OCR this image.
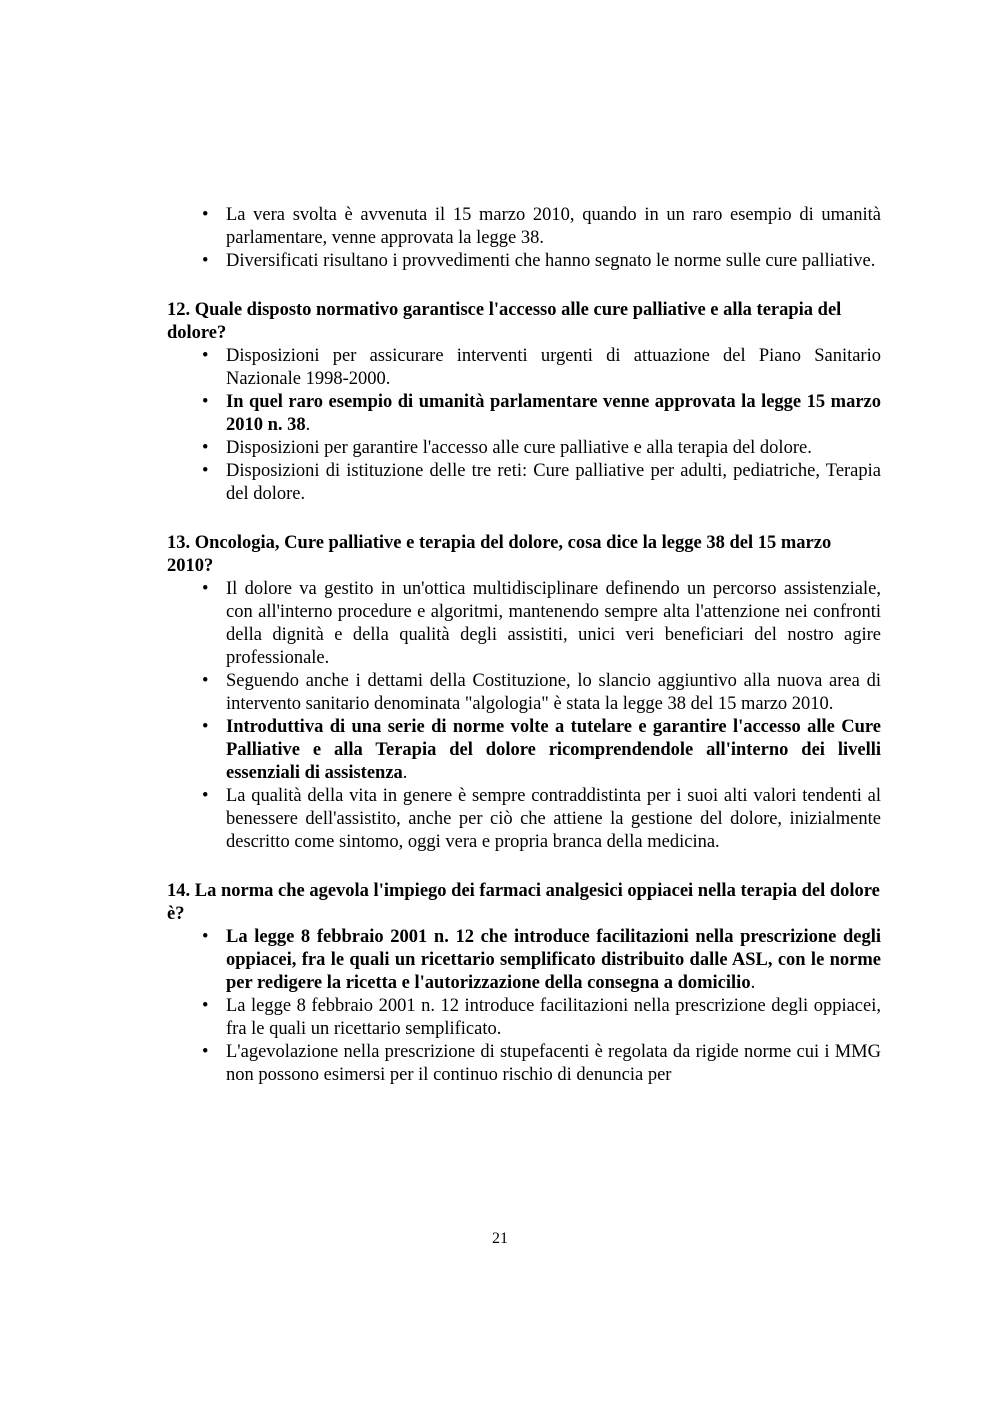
• La vera svolta è avvenuta il 15 marzo 2010, quando in un raro esempio di umanità parlamentare, venne approvata la legge 38.
• Diversificati risultano i provvedimenti che hanno segnato le norme sulle cure palliative.

12. Quale disposto normativo garantisce l'accesso alle cure palliative e alla terapia del dolore?

• Disposizioni per assicurare interventi urgenti di attuazione del Piano Sanitario Nazionale 1998-2000.
• In quel raro esempio di umanità parlamentare venne approvata la legge 15 marzo 2010 n. 38.
• Disposizioni per garantire l'accesso alle cure palliative e alla terapia del dolore.
• Disposizioni di istituzione delle tre reti: Cure palliative per adulti, pediatriche, Terapia del dolore.

13. Oncologia, Cure palliative e terapia del dolore, cosa dice la legge 38 del 15 marzo 2010?

• Il dolore va gestito in un'ottica multidisciplinare definendo un percorso assistenziale, con all'interno procedure e algoritmi, mantenendo sempre alta l'attenzione nei confronti della dignità e della qualità degli assistiti, unici veri beneficiari del nostro agire professionale.
• Seguendo anche i dettami della Costituzione, lo slancio aggiuntivo alla nuova area di intervento sanitario denominata "algologia" è stata la legge 38 del 15 marzo 2010.
• Introduttiva di una serie di norme volte a tutelare e garantire l'accesso alle Cure Palliative e alla Terapia del dolore ricomprendendole all'interno dei livelli essenziali di assistenza.
• La qualità della vita in genere è sempre contraddistinta per i suoi alti valori tendenti al benessere dell'assistito, anche per ciò che attiene la gestione del dolore, inizialmente descritto come sintomo, oggi vera e propria branca della medicina.

14. La norma che agevola l'impiego dei farmaci analgesici oppiacei nella terapia del dolore è?

• La legge 8 febbraio 2001 n. 12 che introduce facilitazioni nella prescrizione degli oppiacei, fra le quali un ricettario semplificato distribuito dalle ASL, con le norme per redigere la ricetta e l'autorizzazione della consegna a domicilio.
• La legge 8 febbraio 2001 n. 12 introduce facilitazioni nella prescrizione degli oppiacei, fra le quali un ricettario semplificato.
• L'agevolazione nella prescrizione di stupefacenti è regolata da rigide norme cui i MMG non possono esimersi per il continuo rischio di denuncia per
21
